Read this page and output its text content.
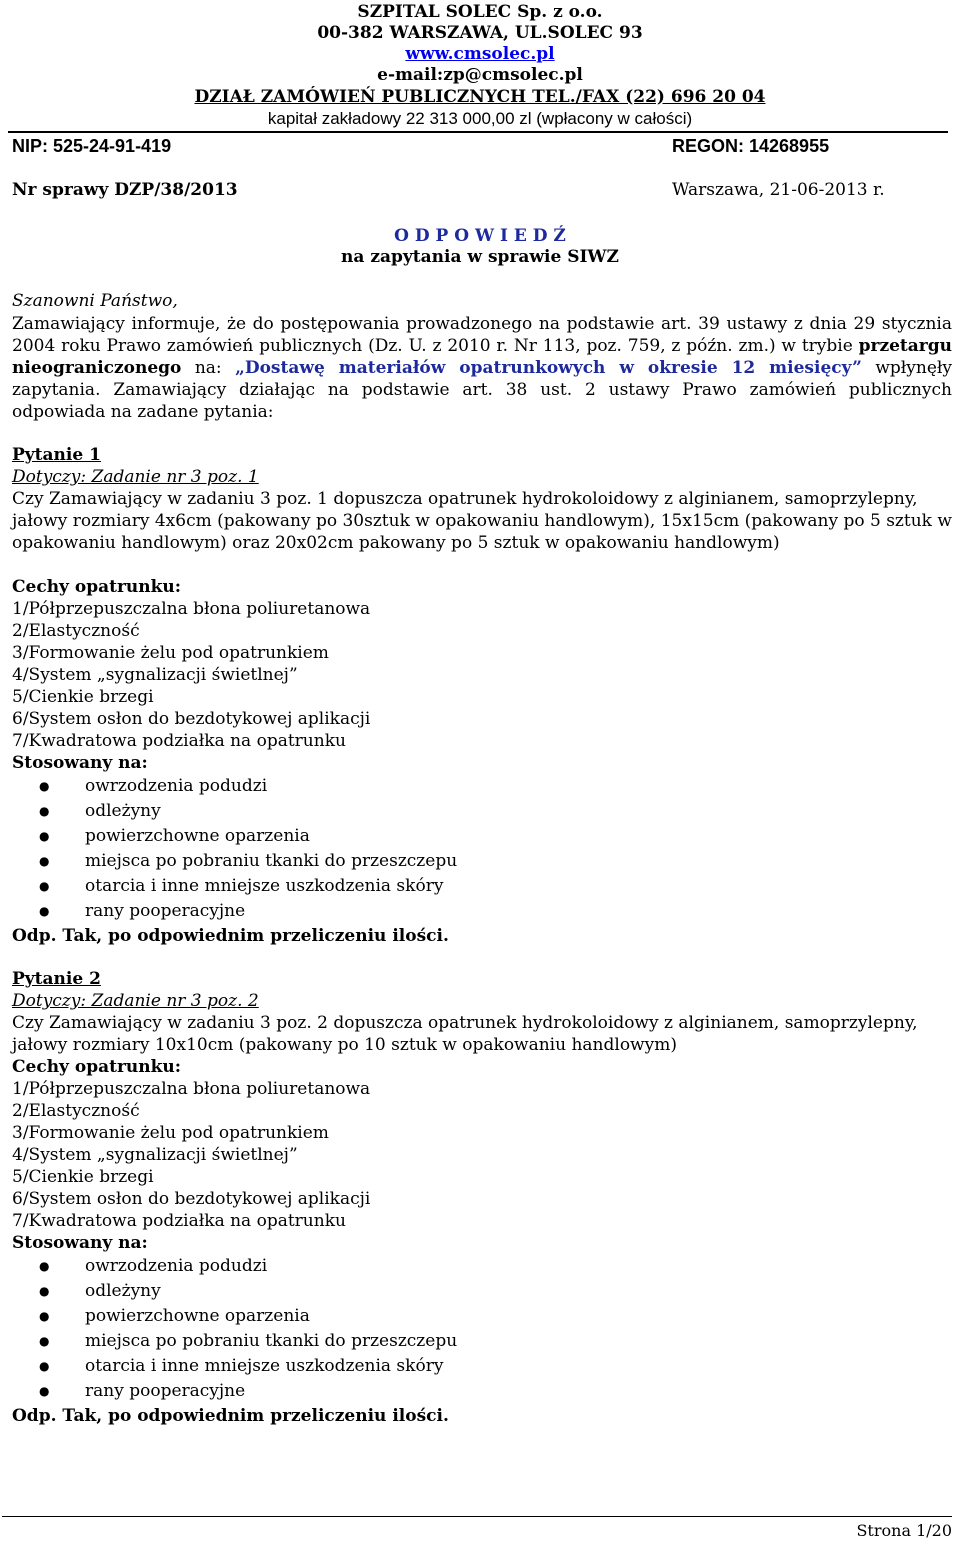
SZPITAL SOLEC Sp. z o.o.
00-382 WARSZAWA, UL.SOLEC 93
www.cmsolec.pl
e-mail:zp@cmsolec.pl
DZIAŁ ZAMÓWIEŃ PUBLICZNYCH TEL./FAX (22) 696 20 04
kapitał zakładowy 22 313 000,00 zl (wpłacony w całości)
NIP: 525-24-91-419	REGON: 14268955
Nr sprawy DZP/38/2013	Warszawa, 21-06-2013 r.
O D P O W I E D Ź
na zapytania w sprawie SIWZ
Szanowni Państwo,
Zamawiający informuje, że do postępowania prowadzonego na podstawie art. 39 ustawy z dnia 29 stycznia 2004 roku Prawo zamówień publicznych (Dz. U. z 2010 r. Nr 113, poz. 759, z późn. zm.) w trybie przetargu nieograniczonego na: „Dostawę materiałów opatrunkowych w okresie 12 miesięcy” wpłynęły zapytania. Zamawiający działając na podstawie art. 38 ust. 2 ustawy Prawo zamówień publicznych odpowiada na zadane pytania:
Pytanie 1
Dotyczy: Zadanie nr 3 poz. 1
Czy Zamawiający w zadaniu 3 poz. 1 dopuszcza opatrunek hydrokoloidowy z alginianem, samoprzylepny, jałowy rozmiary 4x6cm (pakowany po 30sztuk w opakowaniu handlowym), 15x15cm (pakowany po 5 sztuk w opakowaniu handlowym) oraz 20x02cm pakowany po 5 sztuk w opakowaniu handlowym)
Cechy opatrunku:
1/Półprzepuszczalna błona poliuretanowa
2/Elastyczność
3/Formowanie żelu pod opatrunkiem
4/System „sygnalizacji świetlnej”
5/Cienkie brzegi
6/System osłon do bezdotykowej aplikacji
7/Kwadratowa podziałka na opatrunku
Stosowany na:
owrzodzenia podudzi
odleżyny
powierzchowne oparzenia
miejsca po pobraniu tkanki do przeszczepu
otarcia i inne mniejsze uszkodzenia skóry
rany pooperacyjne
Odp. Tak, po odpowiednim przeliczeniu ilości.
Pytanie 2
Dotyczy: Zadanie nr 3 poz. 2
Czy Zamawiający w zadaniu 3 poz. 2 dopuszcza opatrunek hydrokoloidowy z alginianem, samoprzylepny, jałowy rozmiary 10x10cm (pakowany po 10 sztuk w opakowaniu handlowym)
Cechy opatrunku:
1/Półprzepuszczalna błona poliuretanowa
2/Elastyczność
3/Formowanie żelu pod opatrunkiem
4/System „sygnalizacji świetlnej”
5/Cienkie brzegi
6/System osłon do bezdotykowej aplikacji
7/Kwadratowa podziałka na opatrunku
Stosowany na:
owrzodzenia podudzi
odleżyny
powierzchowne oparzenia
miejsca po pobraniu tkanki do przeszczepu
otarcia i inne mniejsze uszkodzenia skóry
rany pooperacyjne
Odp. Tak, po odpowiednim przeliczeniu ilości.
Strona 1/20
